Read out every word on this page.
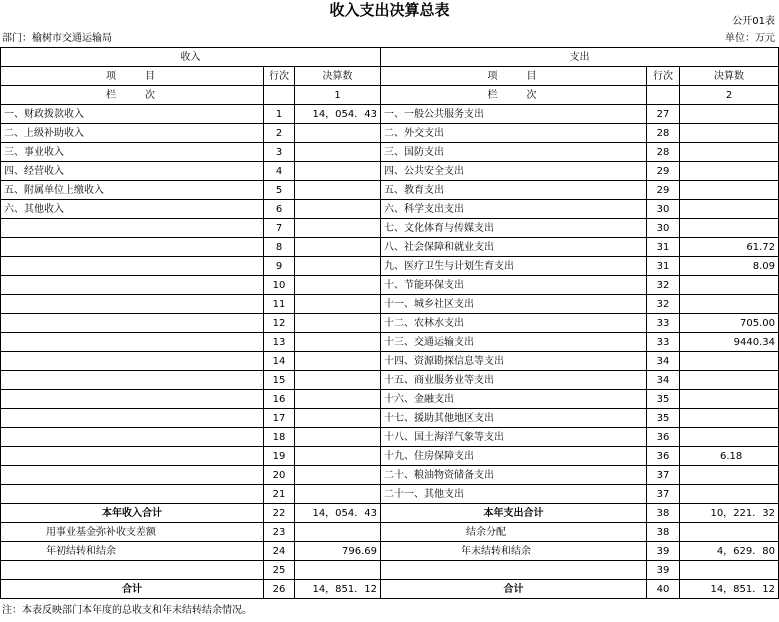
收入支出决算总表
公开01表
部门：榆树市交通运输局	单位：万元
收入			支出		
项　　目	行次	决算数	项　　目	行次	决算数
栏　　次		1	栏　　次		2
一、财政拨款收入	1	14，054．43	一、一般公共服务支出	27	
二、上级补助收入	2		二、外交支出	28	
三、事业收入	3		三、国防支出	28	
四、经营收入	4		四、公共安全支出	29	
五、附属单位上缴收入	5		五、教育支出	29	
六、其他收入	6		六、科学支出支出	30	
	7		七、文化体育与传媒支出	30	
	8		八、社会保障和就业支出	31	61.72
	9		九、医疗卫生与计划生育支出	31	8.09
	10		十、节能环保支出	32	
	11		十一、城乡社区支出	32	
	12		十二、农林水支出	33	705.00
	13		十三、交通运输支出	33	9440.34
	14		十四、资源勘探信息等支出	34	
	15		十五、商业服务业等支出	34	
	16		十六、金融支出	35	
	17		十七、援助其他地区支出	35	
	18		十八、国土海洋气象等支出	36	
	19		十九、住房保障支出	36	6.18
	20		二十、粮油物资储备支出	37	
	21		二十一、其他支出	37	
本年收入合计	22	14，054．43	本年支出合计	38	10，221．32
用事业基金弥补收支差额	23		结余分配	38	
年初结转和结余	24	796.69	年末结转和结余	39	4，629．80
	25			39	
合计	26	14，851．12	合计	40	14，851．12
注：本表反映部门本年度的总收支和年末结转结余情况。
